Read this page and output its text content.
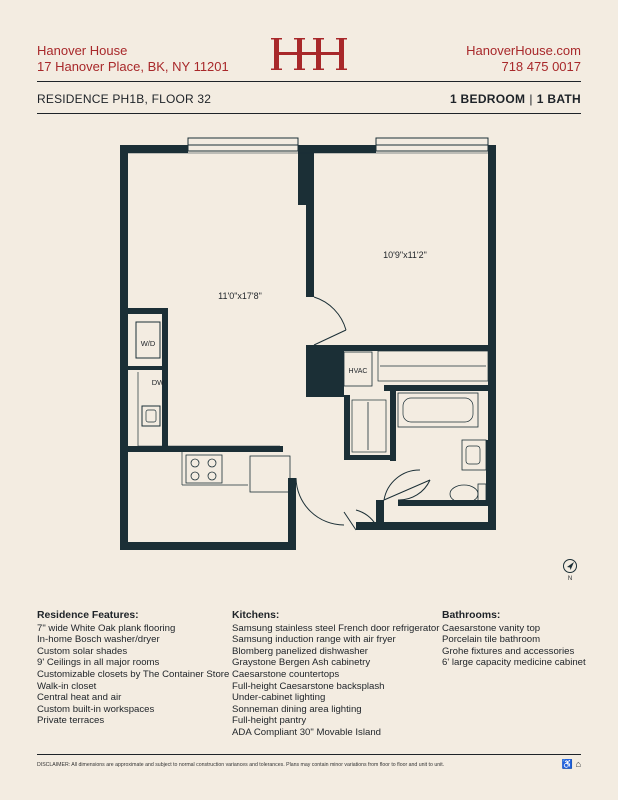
Hanover House
17 Hanover Place, BK, NY 11201
HanoverHouse.com
718 475 0017
RESIDENCE PH1B, FLOOR 32	1 BEDROOM | 1 BATH
W/D
DW
HVAC
11'0"x17'8"
10'9"x11'2"
N
Residence Features:
7" wide White Oak plank flooring
In-home Bosch washer/dryer
Custom solar shades
9' Ceilings in all major rooms
Customizable closets by The Container Store
Walk-in closet
Central heat and air
Custom built-in workspaces
Private terraces
Kitchens:
Samsung stainless steel French door refrigerator
Samsung induction range with air fryer
Blomberg panelized dishwasher
Graystone Bergen Ash cabinetry
Caesarstone countertops
Full-height Caesarstone backsplash
Under-cabinet lighting
Sonneman dining area lighting
Full-height pantry
ADA Compliant 30" Movable Island
Bathrooms:
Caesarstone vanity top
Porcelain tile bathroom
Grohe fixtures and accessories
6' large capacity medicine cabinet
DISCLAIMER: All dimensions are approximate and subject to normal construction variances and tolerances. Plans may contain minor variations from floor to floor and unit to unit.	♿ ⌂
